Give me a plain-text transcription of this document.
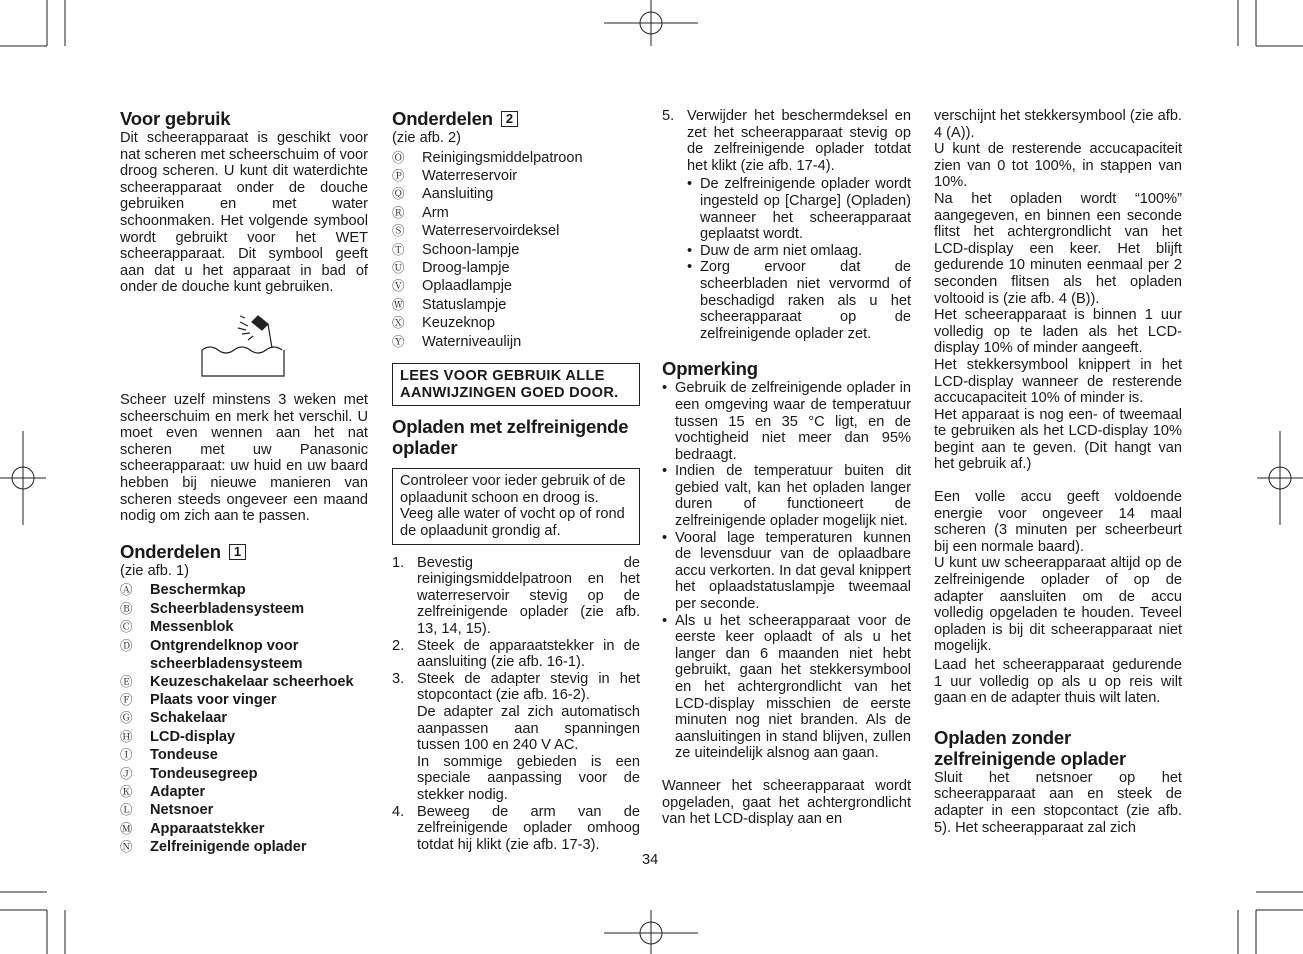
Voor gebruik

Dit scheerapparaat is geschikt voor nat scheren met scheerschuim of voor droog scheren. U kunt dit waterdichte scheerapparaat onder de douche gebruiken en met water schoonmaken. Het volgende symbool wordt gebruikt voor het WET scheerapparaat. Dit symbool geeft aan dat u het apparaat in bad of onder de douche kunt gebruiken.

Scheer uzelf minstens 3 weken met scheerschuim en merk het verschil. U moet even wennen aan het nat scheren met uw Panasonic scheerapparaat: uw huid en uw baard hebben bij nieuwe manieren van scheren steeds ongeveer een maand nodig om zich aan te passen.

Onderdelen 1
(zie afb. 1)
Ⓐ	Beschermkap
Ⓑ	Scheerbladensysteem
Ⓒ	Messenblok
Ⓓ	Ontgrendelknop voor scheerbladensysteem
Ⓔ	Keuzeschakelaar scheerhoek
Ⓕ	Plaats voor vinger
Ⓖ	Schakelaar
Ⓗ	LCD-display
Ⓘ	Tondeuse
Ⓙ	Tondeusegreep
Ⓚ	Adapter
Ⓛ	Netsnoer
Ⓜ	Apparaatstekker
Ⓝ	Zelfreinigende oplader
Onderdelen 2
(zie afb. 2)
Ⓞ	Reinigingsmiddelpatroon
Ⓟ	Waterreservoir
Ⓠ	Aansluiting
Ⓡ	Arm
Ⓢ	Waterreservoirdeksel
Ⓣ	Schoon-lampje
Ⓤ	Droog-lampje
Ⓥ	Oplaadlampje
Ⓦ	Statuslampje
Ⓧ	Keuzeknop
Ⓨ	Waterniveaulijn
LEES VOOR GEBRUIK ALLE AANWIJZINGEN GOED DOOR.
Opladen met zelfreinigende oplader
Controleer voor ieder gebruik of de oplaadunit schoon en droog is. Veeg alle water of vocht op of rond de oplaadunit grondig af.
1. Bevestig de reinigingsmiddelpatroon en het waterreservoir stevig op de zelfreinigende oplader (zie afb. 13, 14, 15).
2. Steek de apparaatstekker in de aansluiting (zie afb. 16-1).
3. Steek de adapter stevig in het stopcontact (zie afb. 16-2).
De adapter zal zich automatisch aanpassen aan spanningen tussen 100 en 240 V AC.
In sommige gebieden is een speciale aanpassing voor de stekker nodig.
4. Beweeg de arm van de zelfreinigende oplader omhoog totdat hij klikt (zie afb. 17-3).
5. Verwijder het beschermdeksel en zet het scheerapparaat stevig op de zelfreinigende oplader totdat het klikt (zie afb. 17-4).
• De zelfreinigende oplader wordt ingesteld op [Charge] (Opladen) wanneer het scheerapparaat geplaatst wordt.
• Duw de arm niet omlaag.
• Zorg ervoor dat de scheerbladen niet vervormd of beschadigd raken als u het scheerapparaat op de zelfreinigende oplader zet.
Opmerking
• Gebruik de zelfreinigende oplader in een omgeving waar de temperatuur tussen 15 en 35 °C ligt, en de vochtigheid niet meer dan 95% bedraagt.
• Indien de temperatuur buiten dit gebied valt, kan het opladen langer duren of functioneert de zelfreinigende oplader mogelijk niet.
• Vooral lage temperaturen kunnen de levensduur van de oplaadbare accu verkorten. In dat geval knippert het oplaadstatuslampje tweemaal per seconde.
• Als u het scheerapparaat voor de eerste keer oplaadt of als u het langer dan 6 maanden niet hebt gebruikt, gaan het stekkersymbool en het achtergrondlicht van het LCD-display misschien de eerste minuten nog niet branden. Als de aansluitingen in stand blijven, zullen ze uiteindelijk alsnog aan gaan.

Wanneer het scheerapparaat wordt opgeladen, gaat het achtergrondlicht van het LCD-display aan en

verschijnt het stekkersymbool (zie afb. 4 (A)).

U kunt de resterende accucapaciteit zien van 0 tot 100%, in stappen van 10%.

Na het opladen wordt “100%” aangegeven, en binnen een seconde flitst het achtergrondlicht van het LCD-display een keer. Het blijft gedurende 10 minuten eenmaal per 2 seconden flitsen als het opladen voltooid is (zie afb. 4 (B)).

Het scheerapparaat is binnen 1 uur volledig op te laden als het LCD-display 10% of minder aangeeft.

Het stekkersymbool knippert in het LCD-display wanneer de resterende accucapaciteit 10% of minder is.

Het apparaat is nog een- of tweemaal te gebruiken als het LCD-display 10% begint aan te geven. (Dit hangt van het gebruik af.)

Een volle accu geeft voldoende energie voor ongeveer 14 maal scheren (3 minuten per scheerbeurt bij een normale baard).

U kunt uw scheerapparaat altijd op de zelfreinigende oplader of op de adapter aansluiten om de accu volledig opgeladen te houden. Teveel opladen is bij dit scheerapparaat niet mogelijk.

Laad het scheerapparaat gedurende 1 uur volledig op als u op reis wilt gaan en de adapter thuis wilt laten.

Opladen zonder zelfreinigende oplader

Sluit het netsnoer op het scheerapparaat aan en steek de adapter in een stopcontact (zie afb. 5). Het scheerapparaat zal zich

34
